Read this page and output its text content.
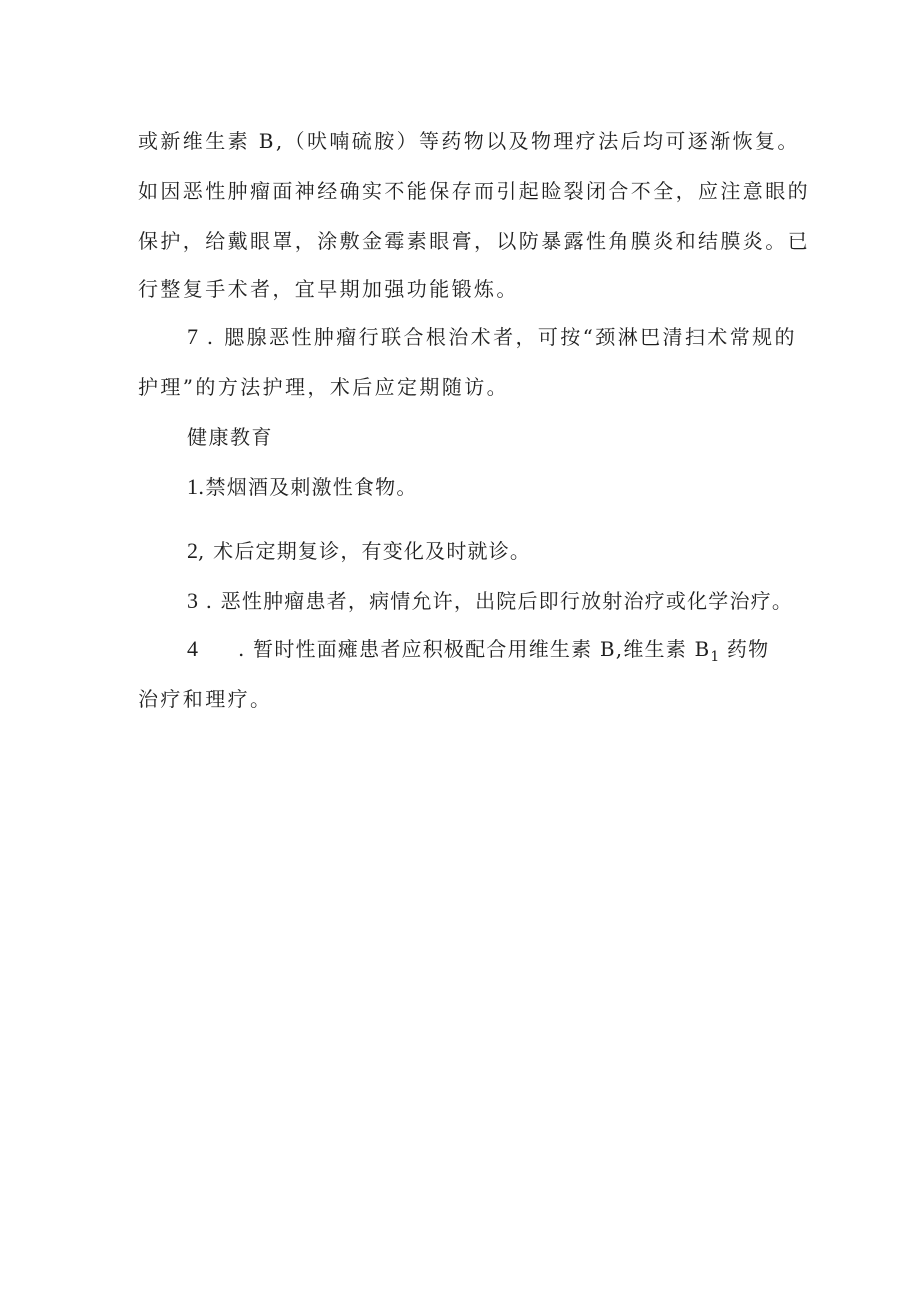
或新维生素 B,（吠喃硫胺）等药物以及物理疗法后均可逐渐恢复。
如因恶性肿瘤面神经确实不能保存而引起睑裂闭合不全，应注意眼的
保护，给戴眼罩，涂敷金霉素眼膏，以防暴露性角膜炎和结膜炎。已
行整复手术者，宜早期加强功能锻炼。
7 . 腮腺恶性肿瘤行联合根治术者，可按“颈淋巴清扫术常规的
护理”的方法护理，术后应定期随访。
健康教育
1.禁烟酒及刺激性食物。
2, 术后定期复诊，有变化及时就诊。
3 . 恶性肿瘤患者，病情允许，出院后即行放射治疗或化学治疗。
4 . 暂时性面瘫患者应积极配合用维生素 B,维生素 $B_1$ 药物
治疗和理疗。
